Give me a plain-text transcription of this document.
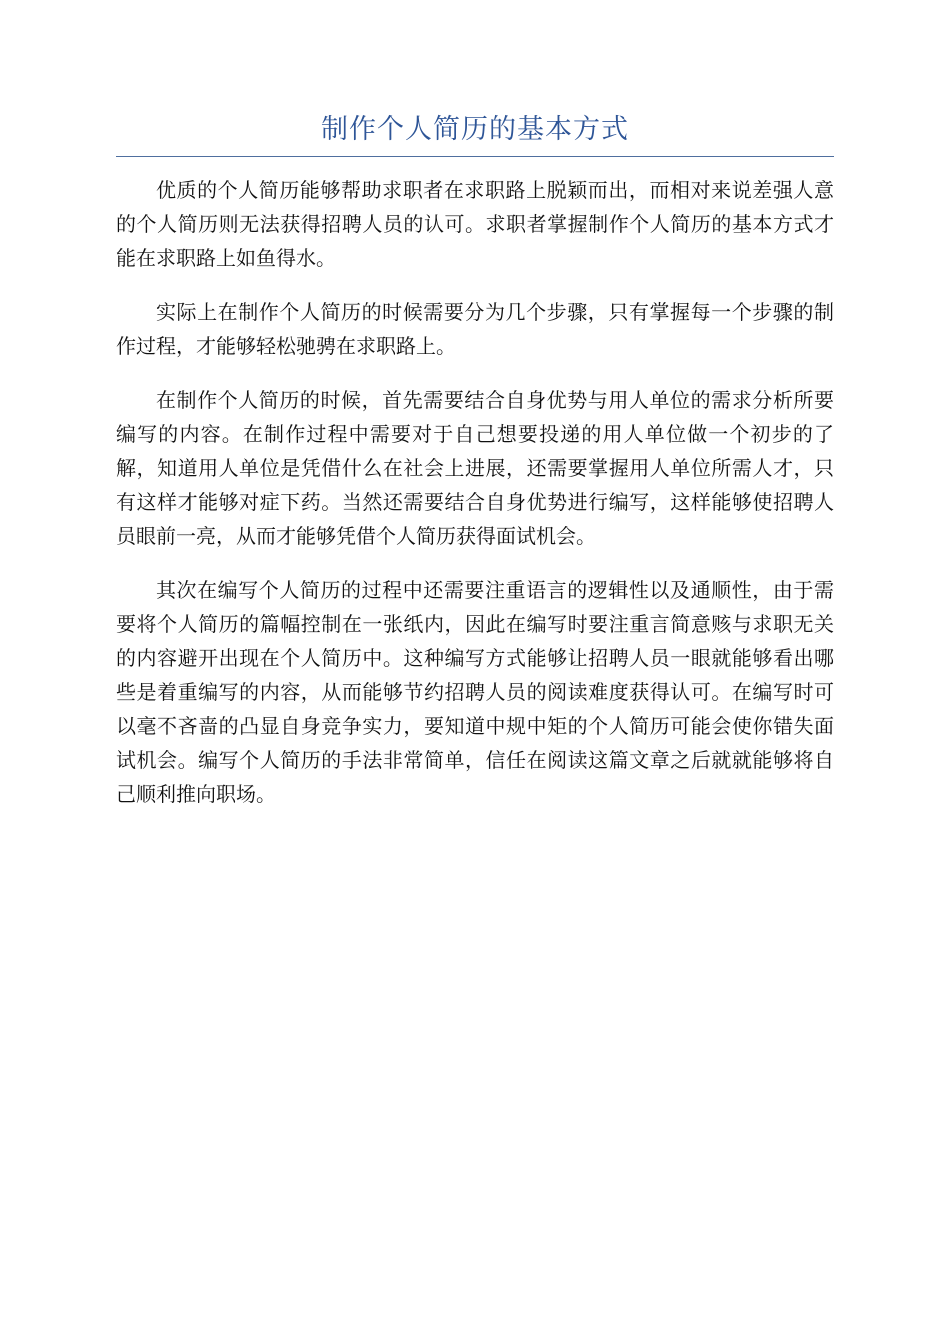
制作个人简历的基本方式

优质的个人简历能够帮助求职者在求职路上脱颖而出，而相对来说差强人意的个人简历则无法获得招聘人员的认可。求职者掌握制作个人简历的基本方式才能在求职路上如鱼得水。

实际上在制作个人简历的时候需要分为几个步骤，只有掌握每一个步骤的制作过程，才能够轻松驰骋在求职路上。

在制作个人简历的时候，首先需要结合自身优势与用人单位的需求分析所要编写的内容。在制作过程中需要对于自己想要投递的用人单位做一个初步的了解，知道用人单位是凭借什么在社会上进展，还需要掌握用人单位所需人才，只有这样才能够对症下药。当然还需要结合自身优势进行编写，这样能够使招聘人员眼前一亮，从而才能够凭借个人简历获得面试机会。

其次在编写个人简历的过程中还需要注重语言的逻辑性以及通顺性，由于需要将个人简历的篇幅控制在一张纸内，因此在编写时要注重言简意赅与求职无关的内容避开出现在个人简历中。这种编写方式能够让招聘人员一眼就能够看出哪些是着重编写的内容，从而能够节约招聘人员的阅读难度获得认可。在编写时可以毫不吝啬的凸显自身竞争实力，要知道中规中矩的个人简历可能会使你错失面试机会。编写个人简历的手法非常简单，信任在阅读这篇文章之后就就能够将自己顺利推向职场。
